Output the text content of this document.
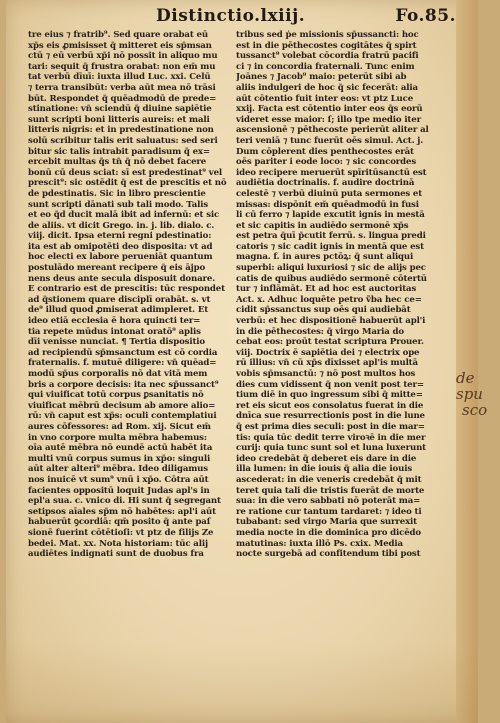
Distinctio.lxiij.	Fo.85.
tre eius ⁊ fratrib⁹. Sed quare orabat eū
xp̄s eis ꝓmisisset q̄ mitteret eis sp̄msan
ctū ⁊ eū verbū xp̄i nō possit in aliquo mu
tari: sequit q̄ frustra orabat: non em̄ mu
tat verbū dīuī: iuxta illud Luc. xxi. Celū
⁊ terra transibūt: verba aūt mea nō trāsi
būt. Respondet q̄ quēadmodū de prede=
stinatione: vn̄ sciendū q̄ diuine sapiētie
sunt scripti boni litteris aureis: et mali
litteris nigris: et in predestinatione non
solū scribitur talis erit saluatus: sed seri
bitur sic talis intrabit paradisum q̄ ex=
ercebit multas q̄s tn̄ q̄ nō debet facere
bonū cū deus sciat: sī est predestinat⁹ vel
prescit⁹: sic ostēdit q̄ est de prescitis et nō
de pdestinatis. Sic in libro prescientie
sunt scripti dānati sub tali modo. Talis
et eo q̄d ducit malā ibit ad infernū: et sic
de aliis. vt dicit Grego. in. j. lib. dialo. c.
viij. dicit. Ipsa eterni regni pdestinatio:
ita est ab omipotēti deo disposita: vt ad
hoc electi ex labore perueniāt quantum
postulādo mereant recipere q̄ eis ājpo
nens deus ante secula disposuit donare.
E contrario est de prescitis: tūc respondet
ad q̄stionem quare disciplī orabāt. s. vt
de⁹ illud quod ꝓmiserat adimpleret. Et
ideo etiā ecclesia ē hora quincti ter=
tia repete mūdus intonat oratō⁹ aplis
dīi venisse nunciat. ¶ Tertia dispositio
ad recipiendū sp̄msanctum est cō cordia
fraternalis. f. mutuē diligere: vn̄ quēad=
modū sp̄us corporalis nō dat vitā mem
bris a corpore decisis: ita nec sp̄ussanct⁹
qui viuificat totū corpus ꝑsanitatis nō
viuificat mēbrū decisum ab amore alio=
rū: vn̄ caput est xp̄s: oculi contemplatiui
aures cōfessores: ad Rom. xij. Sicut em̄
in vno corpore multa mēbra habemus:
oīa autē mēbra nō eundē actū habēt ita
multi vnū corpus sumus in xp̄o: singuli
aūt alter alteri⁹ mēbra. Ideo diligamus
nos inuicē vt sum⁹ vnū i xp̄o. Cōtra aūt
facientes oppositū loquit Judas apl's in
epl'a sua. c. vnico di. Hi sunt q̄ segregant
setipsos aīales sp̄m nō habētes: apl'i aūt
habuerūt ꝯcordiā: qm̄ posito q̄ ante paſ
sionē fuerint cōtētioſi: vt ptz de filijs Ze
bedei. Mat. xx. Nota historiam: tūc alij
audiētes indignati sunt de duobus fra
tribus sed ṗe missionis sp̄ussancti: hoc
est in die pēthecostes cogitātes q̄ spirt
tussanct⁹ volebat cōcordia fratrū pacifi
ci ⁊ in concordia fraternali. Tunc enim
Joānes ⁊ Jacob⁹ maio: peterūt sibi ab
aliis indulgeri de hoc q̄ sic fecerāt: alia
aūt cōtentio fuit inter eos: vt ptz Luce
xxij. Facta est cōtentio inter eos q̄s eorū
videret esse maior: ſ; illo tpe medio iter
ascensionē ⁊ pēthecoste perierūt aliter al
teri veniā ⁊ tunc fuerūt oēs simul. Act. j.
Dum cōplerent dies penthecostes erāt
oēs pariter i eode loco: ⁊ sic concordes
ideo recipere meruerūt spīritūsanctū est
audiētia doctrinalis. f. audire doctrinā
celestē ⁊ verbū diuinū puta sermones et
missas: dispōnit em̄ quēadmodū in fusi
li cū ferro ⁊ lapide excutit ignis in mestā
et sic capitis in audiēdo sermonē xp̄s
est petra q̄uī p̄cutit ferrū. s. lingua predi
catoris ⁊ sic cadit ignis in mentā que est
magna. f. in aures pctōꝝ: q̄ sunt aliqui
superbi: aliqui luxuriosi ⁊ sic de alijs pec
catis de quibus audiēdo sermonē cōtertū
tur ⁊ inflāmāt. Et ad hoc est auctoritas
Act. x. Adhuc loquēte petro ṽba hec ce=
cidit sp̄ssanctus sup oēs qui audiebāt
verbū: et hec dispositionē habuerūt apl'i
in die pēthecostes: q̄ virgo Maria do
cebat eos: proūt testat scriptura Prouer.
viij. Doctrix ē sapiētia dei ⁊ electrix ope
rū illius: vn̄ cū xp̄s dīxisset apl'is multā
vobis sp̄msanctū: ⁊ nō post multos hos
dies cum vidissent q̄ non venit post ter=
tium diē in quo ingressum sibi q̄ mitte=
ret eis sicut eos consolatus fuerat in die
dnīca sue resurrectionis post in die lune
q̄ est prima dies seculi: post in die mar=
tis: quia tūc dedit terre viroꝛē in die mer
curij: quia tunc sunt sol et luna luxerunt
ideo credebāt q̄ deberet eis dare in die
illa lumen: in die iouis q̄ alia die iouis
ascederat: in die veneris credebāt q̄ mit
teret quia tali die tristis fuerāt de morte
sua: in die vero sabbati nō poterāt ma=
re ratione cur tantum tardaret: ⁊ ideo ti
tubabant: sed virgo Maria que surrexit
media nocte in die dominica pro dicēdo
matutinas: iuxta illō Ps. cxix. Media
nocte surgebā ad confitendum tibi post
de spu
sco
